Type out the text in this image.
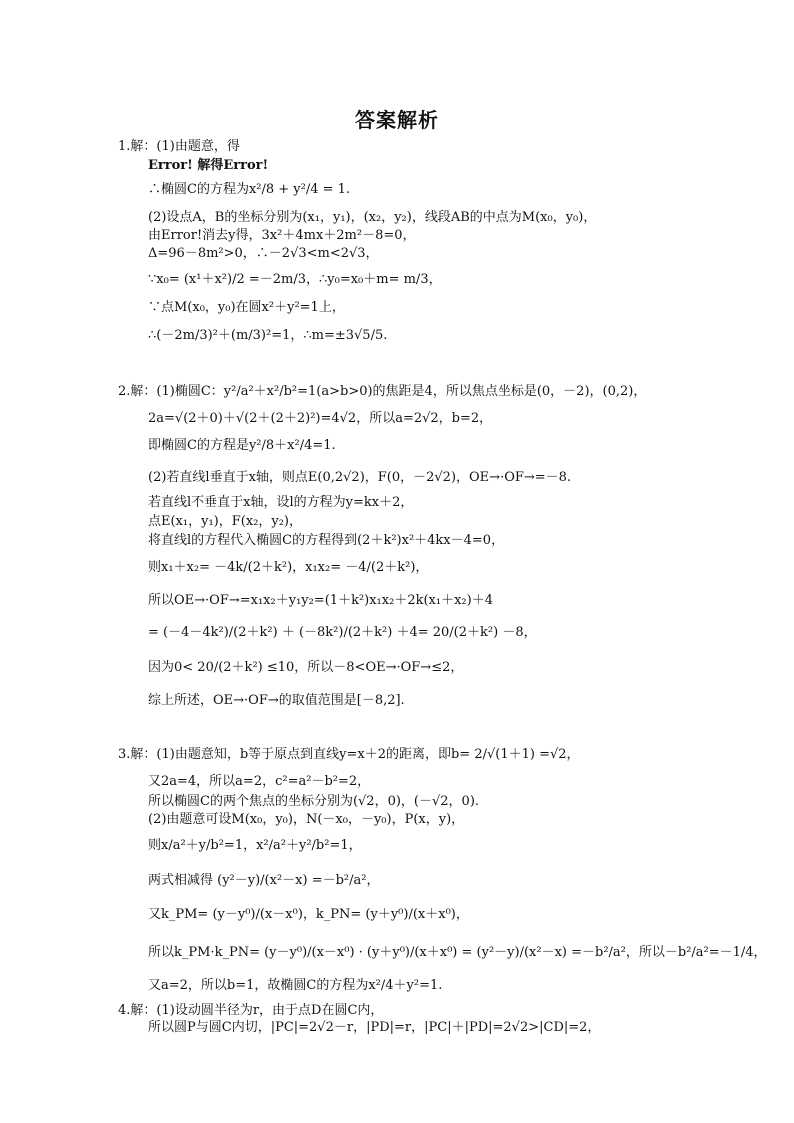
答案解析
1.解：(1)由题意，得
Error! 解得Error!
∴椭圆C的方程为x²/8 + y²/4 = 1.
(2)设点A，B的坐标分别为(x₁，y₁)，(x₂，y₂)，线段AB的中点为M(x₀，y₀)，
由Error!消去y得，3x²＋4mx＋2m²－8=0，
Δ=96－8m²>0，∴－2√3<m<2√3，
∵x₀= (x¹＋x²)/2 =－2m/3，∴y₀=x₀＋m= m/3，
∵点M(x₀，y₀)在圆x²＋y²=1上，
∴(－2m/3)²＋(m/3)²=1，∴m=±3√5/5.
2.解：(1)椭圆C：y²/a²＋x²/b²=1(a>b>0)的焦距是4，所以焦点坐标是(0，－2)，(0,2)，
2a=√(2＋0)＋√(2＋(2＋2)²)=4√2，所以a=2√2，b=2，
即椭圆C的方程是y²/8＋x²/4=1.
(2)若直线l垂直于x轴，则点E(0,2√2)，F(0，－2√2)，OE→·OF→=－8.
若直线l不垂直于x轴，设l的方程为y=kx＋2，
点E(x₁，y₁)，F(x₂，y₂)，
将直线l的方程代入椭圆C的方程得到(2＋k²)x²＋4kx－4=0，
则x₁＋x₂= －4k/(2＋k²)，x₁x₂= －4/(2＋k²)，
所以OE→·OF→=x₁x₂＋y₁y₂=(1＋k²)x₁x₂＋2k(x₁＋x₂)＋4
= (－4－4k²)/(2＋k²) ＋ (－8k²)/(2＋k²) ＋4= 20/(2＋k²) －8，
因为0< 20/(2＋k²) ≤10，所以－8<OE→·OF→≤2，
综上所述，OE→·OF→的取值范围是[－8,2].
3.解：(1)由题意知，b等于原点到直线y=x＋2的距离，即b= 2/√(1＋1) =√2，
又2a=4，所以a=2，c²=a²－b²=2，
所以椭圆C的两个焦点的坐标分别为(√2，0)，(－√2，0).
(2)由题意可设M(x₀，y₀)，N(－x₀，－y₀)，P(x，y)，
则x/a²＋y/b²=1，x²/a²＋y²/b²=1，
两式相减得 (y²－y)/(x²－x) =－b²/a²，
又k_PM= (y－y⁰)/(x－x⁰)，k_PN= (y＋y⁰)/(x＋x⁰)，
所以k_PM·k_PN= (y－y⁰)/(x－x⁰) · (y＋y⁰)/(x＋x⁰) = (y²－y)/(x²－x) =－b²/a²，所以－b²/a²=－1/4，
又a=2，所以b=1，故椭圆C的方程为x²/4＋y²=1.
4.解：(1)设动圆半径为r，由于点D在圆C内，
所以圆P与圆C内切，|PC|=2√2－r，|PD|=r，|PC|＋|PD|=2√2>|CD|=2，
